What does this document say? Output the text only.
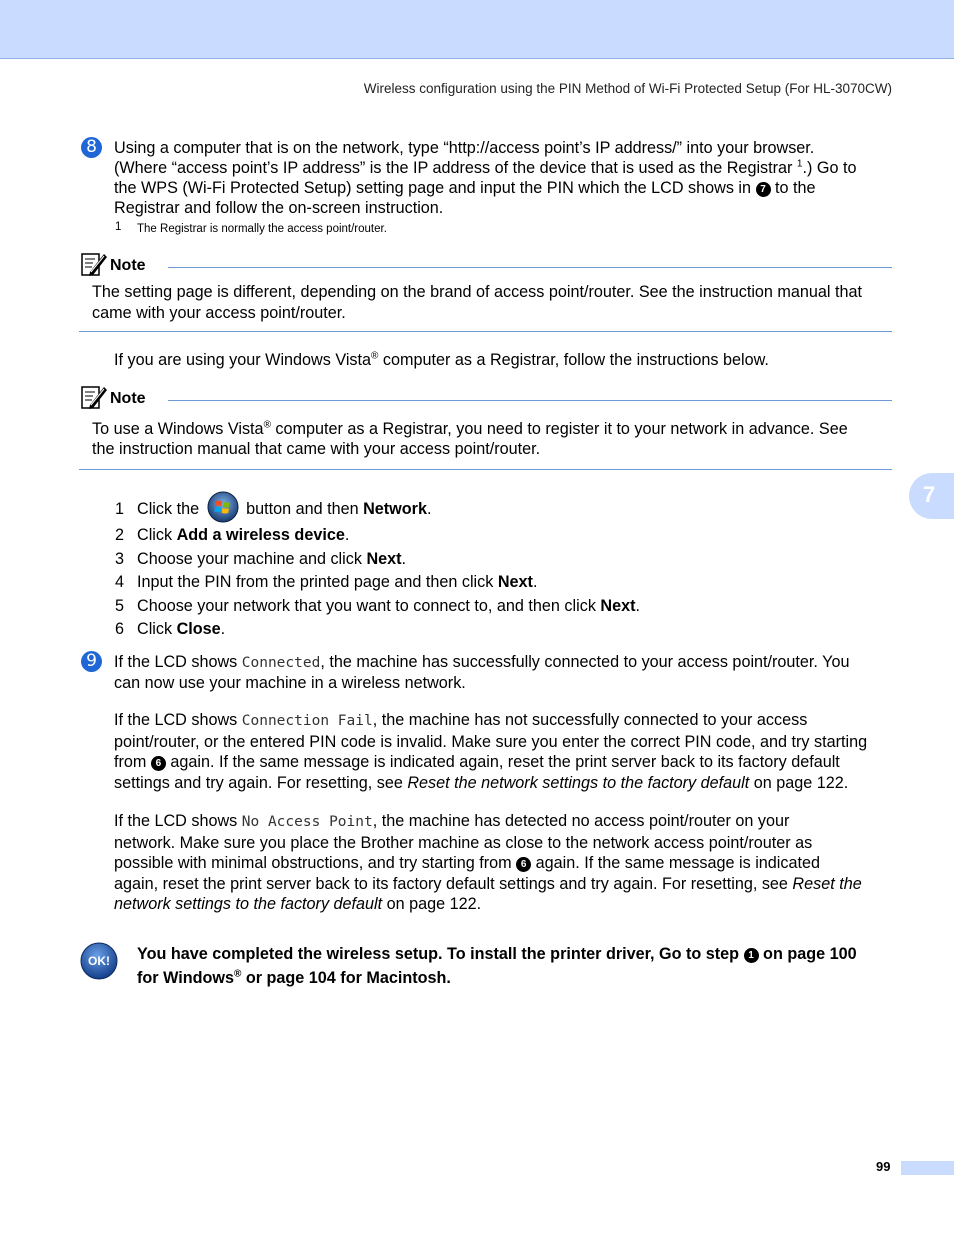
Wireless configuration using the PIN Method of Wi-Fi Protected Setup (For HL-3070CW)
7
8	Using a computer that is on the network, type “http://access point’s IP address/” into your browser.
(Where “access point’s IP address” is the IP address of the device that is used as the Registrar $^1$.) Go to
the WPS (Wi-Fi Protected Setup) setting page and input the PIN which the LCD shows in 7 to the
Registrar and follow the on-screen instruction.
1 The Registrar is normally the access point/router.
Note
The setting page is different, depending on the brand of access point/router. See the instruction manual that
came with your access point/router.
If you are using your Windows Vista® computer as a Registrar, follow the instructions below.
Note
To use a Windows Vista® computer as a Registrar, you need to register it to your network in advance. See
the instruction manual that came with your access point/router.
1 Click the  button and then Network.
2 Click Add a wireless device.
3 Choose your machine and click Next.
4 Input the PIN from the printed page and then click Next.
5 Choose your network that you want to connect to, and then click Next.
6 Click Close.
9	If the LCD shows Connected, the machine has successfully connected to your access point/router. You
can now use your machine in a wireless network.
If the LCD shows Connection Fail, the machine has not successfully connected to your access
point/router, or the entered PIN code is invalid. Make sure you enter the correct PIN code, and try starting
from 6 again. If the same message is indicated again, reset the print server back to its factory default
settings and try again. For resetting, see Reset the network settings to the factory default on page 122.
If the LCD shows No Access Point, the machine has detected no access point/router on your
network. Make sure you place the Brother machine as close to the network access point/router as
possible with minimal obstructions, and try starting from 6 again. If the same message is indicated
again, reset the print server back to its factory default settings and try again. For resetting, see Reset the
network settings to the factory default on page 122.
OK! You have completed the wireless setup. To install the printer driver, Go to step 1 on page 100
for Windows® or page 104 for Macintosh.
99
